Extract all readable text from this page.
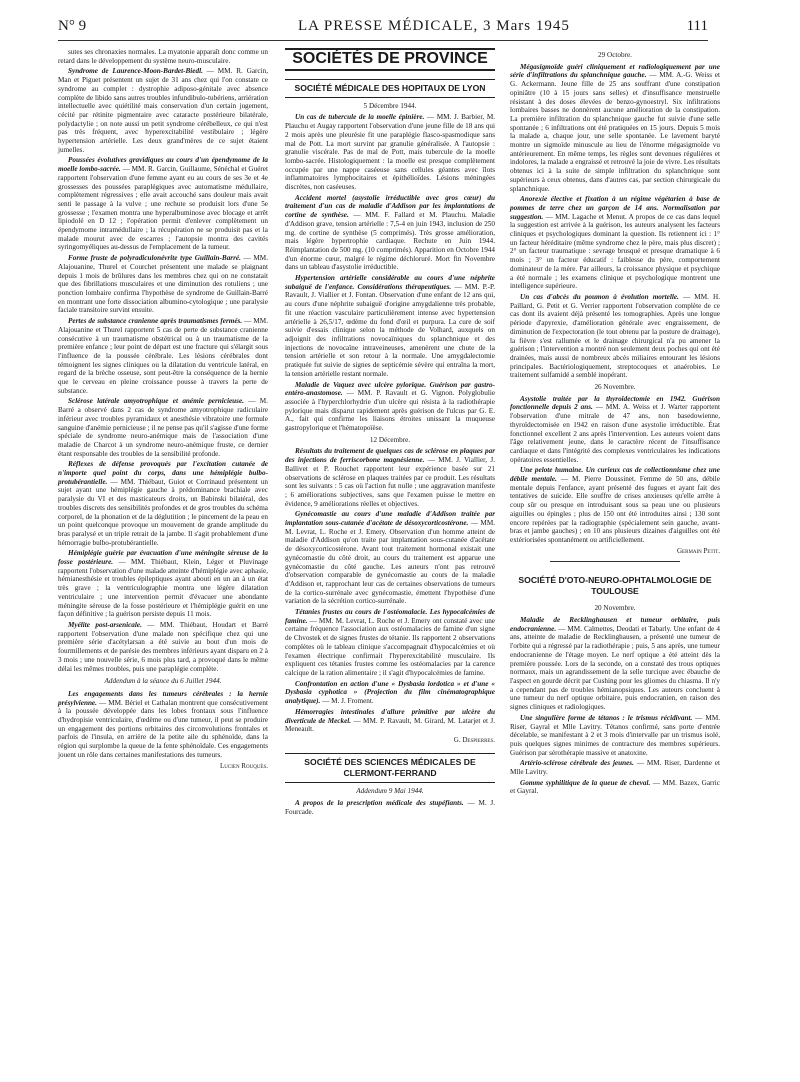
N° 9	LA PRESSE MÉDICALE, 3 Mars 1945	111

sutes ses chronaxies normales. La myatonie apparaît donc comme un retard dans le développement du système neuro-musculaire.

Syndrome de Laurence-Moon-Bardet-Biedl. — MM. R. Garcin, Man et Piguet présentent un sujet de 31 ans chez qui l'on constate ce syndrome au complet : dystrophie adiposo-génitale avec absence complète de libido sans autres troubles infundibulo-tubériens, arriération intellectuelle avec quiétilité mais conservation d'un certain jugement, cécité par rétinite pigmentaire avec cataracte postérieure bilatérale, polydactylie ; on note aussi un petit syndrome cérébelleux, ce qui n'est pas très fréquent, avec hyperexcitabilité vestibulaire ; légère hypertension artérielle. Les deux grand'mères de ce sujet étaient jumelles.

Poussées évolutives gravidiques au cours d'un épendymome de la moelle lombo-sacrée. — MM. R. Garcin, Guillaume, Sénéchal et Guéret rapportent l'observation d'une femme ayant eu au cours de ses 3e et 4e grossesses des poussées paraplégiques avec automatisme médullaire, complètement régressives ; elle avait accouché sans douleur mais avait senti le passage à la vulve ; une rechute se produisit lors d'une 5e grossesse ; l'examen montra une hyperalbuminose avec blocage et arrêt lipiodolé en D 12 ; l'opération permit d'enlever complètement un épendymome intramédullaire ; la récupération ne se produisit pas et la malade mourut avec de escarres ; l'autopsie montra des cavités syringomyéliques au-dessus de l'emplacement de la tumeur.

Forme fruste de polyradiculonévrite type Guillain-Barré. — MM. Alajouanine, Thurel et Courchet présentent une malade se plaignant depuis 1 mois de brûlures dans les membres chez qui on ne constatait que des fibrillations musculaires et une diminution des rotuliens ; une ponction lombaire confirma l'hypothèse de syndrome de Guillain-Barré en montrant une forte dissociation albumino-cytologique ; une paralysie faciale transitoire survint ensuite.

Pertes de substance cranienne après traumatismes fermés. — MM. Alajouanine et Thurel rapportent 5 cas de perte de substance cranienne consécutive à un traumatisme obstétrical ou à un traumatisme de la première enfance ; leur point de départ est une fracture qui s'élargit sous l'influence de la poussée cérébrale. Les lésions cérébrales dont témoignent les signes cliniques ou la dilatation du ventricule latéral, en regard de la brèche osseuse, sont peut-être la conséquence de la hernie que le cerveau en pleine croissance pousse à travers la perte de substance.

Sclérose latérale amyotrophique et anémie pernicieuse. — M. Barré a observé dans 2 cas de syndrome amyotrophique radiculaire inférieur avec troubles pyramidaux et anesthésie vibratoire une formule sanguine d'anémie pernicieuse ; il ne pense pas qu'il s'agisse d'une forme spéciale de syndrome neuro-anémique mais de l'association d'une maladie de Charcot à un syndrome neuro-anémique fruste, ce dernier étant responsable des troubles de la sensibilité profonde.

Réflexes de défense provoqués par l'excitation cutanée de n'importe quel point du corps, dans une hémiplégie bulbo-protubérantielle. — MM. Thiébaut, Guiot et Corrinaud présentent un sujet ayant une hémiplégie gauche à prédominance brachiale avec paralysie du VI et des masticateurs droits, un Babinski bilatéral, des troubles discrets des sensibilités profondes et de gros troubles du schéma corporel, de la phonation et de la déglutition ; le pincement de la peau en un point quelconque provoque un mouvement de grande amplitude du bras paralysé et un triple retrait de la jambe. Il s'agit probablement d'une hémorragie bulbo-protubérantielle.

Hémiplégie guérie par évacuation d'une méningite séreuse de la fosse postérieure. — MM. Thiébaut, Klein, Léger et Pluvinage rapportent l'observation d'une malade atteinte d'hémiplégie avec aphasie, hémianesthésie et troubles épileptiques ayant abouti en un an à un état très grave ; la ventriculographie montra une légère dilatation ventriculaire ; une intervention permit d'évacuer une abondante méningite séreuse de la fosse postérieure et l'hémiplégie guérit en une façon définitive ; la guérison persiste depuis 11 mois.

Myélite post-arsenicale. — MM. Thiébaut, Houdart et Barré rapportent l'observation d'une malade non spécifique chez qui une première série d'acétylarsan a été suivie au bout d'un mois de fourmillements et de parésie des membres inférieurs ayant disparu en 2 à 3 mois ; une nouvelle série, 6 mois plus tard, a provoqué dans le même délai les mêmes troubles, puis une paraplégie complète.

Addendum à la séance du 6 Juillet 1944.

Les engagements dans les tumeurs cérébrales : la hernie présylvienne. — MM. Bériel et Cathalan montrent que consécutivement à la poussée développée dans les lobes frontaux sous l'influence d'hydropisie ventriculaire, d'œdème ou d'une tumeur, il peut se produire un engagement des portions orbitaires des circonvolutions frontales et parfois de l'insula, en arrière de la petite aile du sphénoïde, dans la région qui surplombe la queue de la fente sphénoïdale. Ces engagements jouent un rôle dans certaines manifestations des tumeurs.

Lucien Rouquès.
SOCIÉTÉS DE PROVINCE
SOCIÉTÉ MÉDICALE DES HOPITAUX DE LYON
5 Décembre 1944.

Un cas de tubercule de la moelle épinière. — MM. J. Barbier, M. Plauchu et Augay rapportent l'observation d'une jeune fille de 18 ans qui 2 mois après une pleurésie fit une paraplégie flasco-spasmodique sans mal de Pott. La mort survint par granulie généralisée. A l'autopsie : granulie viscérale. Pas de mal de Pott, mais tubercule de la moelle lombo-sacrée. Histologiquement : la moelle est presque complètement occupée par une nappe caséeuse sans cellules géantes avec îlots inflammatoires lymphocitaires et épithélioïdes. Lésions méningées discrètes, non caséeuses.

Accident mortel (asystolie irréductible avec gros cœur) du traitement d'un cas de maladie d'Addison par les implantations de cortine de synthèse. — MM. F. Fallard et M. Plauchu. Maladie d'Addison grave, tension artérielle : 7,5-4 en juin 1943, inclusion de 250 mg. de cortine de synthèse (5 comprimés). Très grosse amélioration, mais légère hypertrophie cardiaque. Rechute en Juin 1944. Réimplantation de 500 mg. (10 comprimés). Apparition en Octobre 1944 d'un énorme cœur, malgré le régime déchloruré. Mort fin Novembre dans un tableau d'asystolie irréductible.

Hypertension artérielle considérable au cours d'une néphrite subaiguë de l'enfance. Considérations thérapeutiques. — MM. P.-P. Ravault, J. Viallier et J. Fontan. Observation d'une enfant de 12 ans qui, au cours d'une néphrite subaiguë d'origine amygdalienne très probable, fit une réaction vasculaire particulièrement intense avec hypertension artérielle à 26,5/17, œdème du fond d'œil et purpura. La cure de soif suivie d'essais clinique selon la méthode de Volhard, auxquels on adjoignit des infiltrations novocaïniques du splanchnique et des injections de novocaïne intraveineuses, amenèrent une chute de la tension artérielle et son retour à la normale. Une amygdalectomie pratiquée fut suivie de signes de septicémie sévère qui entraîna la mort, la tension artérielle restant normale.

Maladie de Vaquez avec ulcère pylorique. Guérison par gastro-entéro-anastomose. — MM. P. Ravault et G. Vignon. Polyglobulie associée à l'hyperchlorhydrie d'un ulcère qui résista à la radiothérapie pylorique mais disparut rapidement après guérison de l'ulcus par G. E. A., fait qui confirme les liaisons étroites unissant la muqueuse gastropylorique et l'hématopoïèse.

12 Décembre.

Résultats du traitement de quelques cas de sclérose en plaques par des injections de ferriscorbone magnésienne. — MM. J. Viallier, J. Ballivet et P. Rouchet rapportent leur expérience basée sur 21 observations de sclérose en plaques traitées par ce produit. Les résultats sont les suivants : 5 cas où l'action fut nulle ; une aggravation manifeste ; 6 améliorations subjectives, sans que l'examen puisse le mettre en évidence, 9 améliorations réelles et objectives.

Gynécomastie au cours d'une maladie d'Addison traitée par implantation sous-cutanée d'acétate de désoxycorticostérone. — MM. M. Levrat, L. Roche et J. Emery. Observation d'un homme atteint de maladie d'Addison qu'on traite par implantation sous-cutanée d'acétate de désoxycorticostérone. Avant tout traitement hormonal existait une gynécomastie du côté droit, au cours du traitement est apparue une gynécomastie du côté gauche. Les auteurs n'ont pas retrouvé d'observation comparable de gynécomastie au cours de la maladie d'Addison et, rapprochant leur cas de certaines observations de tumeurs de la cortico-surrénale avec gynécomastie, émettent l'hypothèse d'une variation de la sécrétion cortico-surrénale.

Tétanies frustes au cours de l'ostéomalacie. Les hypocalcémies de famine. — MM. M. Levrat, L. Roche et J. Emery ont constaté avec une certaine fréquence l'association aux ostéomalacies de famine d'un signe de Chvostek et de signes frustes de tétanie. Ils rapportent 2 observations complètes où le tableau clinique s'accompagnait d'hypocalcémies et où l'examen électrique confirmait l'hyperexcitabilité musculaire. Ils expliquent ces tétanies frustes comme les ostéomalacies par la carence calcique de la ration alimentaire ; il s'agit d'hypocalcémies de famine.

Confrontation en action d'une « Dysbasia lordotica » et d'une « Dysbasia cyphotica » (Projection du film cinématographique analytique). — M. J. Froment.

Hémorragies intestinales d'allure primitive par ulcère du diverticule de Meckel. — MM. P. Ravault, M. Girard, M. Latarjet et J. Meneault.

G. Despierres.
SOCIÉTÉ DES SCIENCES MÉDICALES DE CLERMONT-FERRAND
Addendum 9 Mai 1944.

A propos de la prescription médicale des stupéfiants. — M. J. Fourcade.

29 Octobre.

Mégasigmoïde guéri cliniquement et radiologiquement par une série d'infiltrations du splanchnique gauche. — MM. A.-G. Weiss et G. Ackermann. Jeune fille de 25 ans souffrant d'une constipation opiniâtre (10 à 15 jours sans selles) et d'insuffisance menstruelle résistant à des doses élevées de benzo-gynoestryl. Six infiltrations lombaires basses ne donnèrent aucune amélioration de la constipation. La première infiltration du splanchnique gauche fut suivie d'une selle spontanée ; 6 infiltrations ont été pratiquées en 15 jours. Depuis 5 mois la malade a, chaque jour, une selle spontanée. Le lavement baryté montre un sigmoïde minuscule au lieu de l'énorme mégasigmoïde vu antérieurement. En même temps, les règles sont devenues régulières et indolores, la malade a engraissé et retrouvé la joie de vivre. Les résultats obtenus ici à la suite de simple infiltration du splanchnique sont supérieurs à ceux obtenus, dans d'autres cas, par section chirurgicale du splanchnique.

Anorexie élective et fixation à un régime végétarien à base de pommes de terre chez un garçon de 14 ans. Normalisation par suggestion. — MM. Lagache et Menut. A propos de ce cas dans lequel la suggestion est arrivée à la guérison, les auteurs analysent les facteurs cliniques et psychologiques dominant la question. Ils retiennent ici : 1° un facteur héréditaire (même syndrome chez le père, mais plus discret) ; 2° un facteur traumatique : sevrage brusqué et presque dramatique à 6 mois ; 3° un facteur éducatif : faiblesse du père, comportement dominateur de la mère. Par ailleurs, la croissance physique et psychique a été normale ; les examens clinique et psychologique montrent une intelligence supérieure.

Un cas d'abcès du poumon à évolution mortelle. — MM. H. Paillard, G. Petit et G. Verrier rapportent l'observation complète de ce cas dont ils avaient déjà présenté les tomographies. Après une longue période d'apyrexie, d'amélioration générale avec engraissement, de diminution de l'expectoration (le tout obtenu par la posture de drainage), la fièvre s'est rallumée et le drainage chirurgical n'a pu amener la guérison ; l'intervention a montré non seulement deux poches qui ont été drainées, mais aussi de nombreux abcès miliaires entourant les lésions principales. Bactériologiquement, streptocoques et anaérobies. Le traitement sulfamidé a semblé inopérant.

26 Novembre.

Asystolie traitée par la thyroïdectomie en 1942. Guérison fonctionnelle depuis 2 ans. — MM. A. Weiss et J. Warter rapportent l'observation d'une mitrale de 47 ans, non basedowienne, thyroïdectomisée en 1942 en raison d'une asystolie irréductible. État fonctionnel excellent 2 ans après l'intervention. Les auteurs voient dans l'âge relativement jeune, dans le caractère récent de l'insuffisance cardiaque et dans l'intégrité des complexes ventriculaires les indications opératoires essentielles.

Une pelote humaine. Un curieux cas de collectionnisme chez une débile mentale. — M. Pierre Doussinet. Femme de 50 ans, débile mentale depuis l'enfance, ayant présenté des fugues et ayant fait des tentatives de suicide. Elle souffre de crises anxieuses qu'elle arrête à coup sûr ou presque en introduisant sous sa peau une ou plusieurs aiguilles ou épingles ; plus de 150 ont été introduites ainsi ; 130 sont encore repérées par la radiographie (spécialement sein gauche, avant-bras et jambe gauches) ; en 10 ans plusieurs dizaines d'aiguilles ont été extériorisées spontanément ou artificiellement.

Germain Petit.
SOCIÉTÉ D'OTO-NEURO-OPHTALMOLOGIE DE TOULOUSE
20 Novembre.

Maladie de Recklinghausen et tumeur orbitaire, puis endocranienne. — MM. Calmettes, Deodati et Tabarly. Une enfant de 4 ans, atteinte de maladie de Recklinghausen, a présenté une tumeur de l'orbite qui a régressé par la radiothérapie ; puis, 5 ans après, une tumeur endocranienne de l'étage moyen. Le nerf optique a été atteint dès la première poussée. Lors de la seconde, on a constaté des trous optiques normaux, mais un agrandissement de la selle turcique avec ébauche de l'aspect en gourde décrit par Cushing pour les gliomes du chiasma. Il n'y a cependant pas de troubles hémianopsiques. Les auteurs concluent à une tumeur du nerf optique orbitaire, puis endocranien, en raison des signes cliniques et radiologiques.

Une singulière forme de tétanos : le trismus récidivant. — MM. Riser, Gayral et Mlle Lavitry. Tétanos confirmé, sans porte d'entrée décelable, se manifestant à 2 et 3 mois d'intervalle par un trismus isolé, puis quelques signes minimes de contracture des membres supérieurs. Guérison par sérothérapie massive et anatoxine.

Artério-sclérose cérébrale des jeunes. — MM. Riser, Dardenne et Mlle Lavitry.

Gomme syphilitique de la queue de cheval. — MM. Bazex, Garric et Gayral.
